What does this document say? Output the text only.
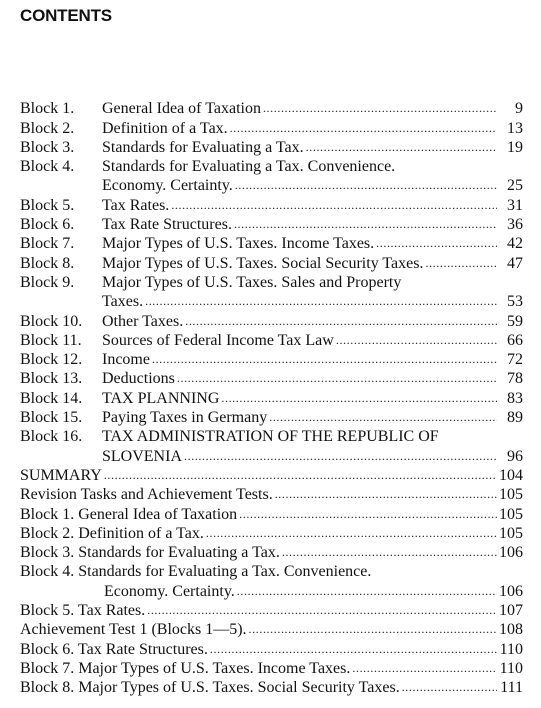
CONTENTS
Block 1.	General Idea of Taxation .....	9
Block 2.	Definition of a Tax. .....	13
Block 3.	Standards for Evaluating a Tax. .....	19
Block 4.	Standards for Evaluating a Tax. Convenience.
Economy. Certainty. .....	25
Block 5.	Tax Rates. .....	31
Block 6.	Tax Rate Structures. .....	36
Block 7.	Major Types of U.S. Taxes. Income Taxes. .....	42
Block 8.	Major Types of U.S. Taxes. Social Security Taxes. .....	47
Block 9.	Major Types of U.S. Taxes. Sales and Property
Taxes. .....	53
Block 10.	Other Taxes. .....	59
Block 11.	Sources of Federal Income Tax Law .....	66
Block 12.	Income .....	72
Block 13.	Deductions .....	78
Block 14.	TAX PLANNING .....	83
Block 15.	Paying Taxes in Germany .....	89
Block 16.	TAX ADMINISTRATION OF THE REPUBLIC OF
SLOVENIA .....	96
SUMMARY .....	104
Revision Tasks and Achievement Tests. .....	105
Block 1. General Idea of Taxation .....	105
Block 2. Definition of a Tax. .....	105
Block 3. Standards for Evaluating a Tax. .....	106
Block 4. Standards for Evaluating a Tax. Convenience.
Economy. Certainty. .....	106
Block 5. Tax Rates. .....	107
Achievement Test 1 (Blocks 1—5). .....	108
Block 6. Tax Rate Structures. .....	110
Block 7. Major Types of U.S. Taxes. Income Taxes. .....	110
Block 8. Major Types of U.S. Taxes. Social Security Taxes. .....	111
